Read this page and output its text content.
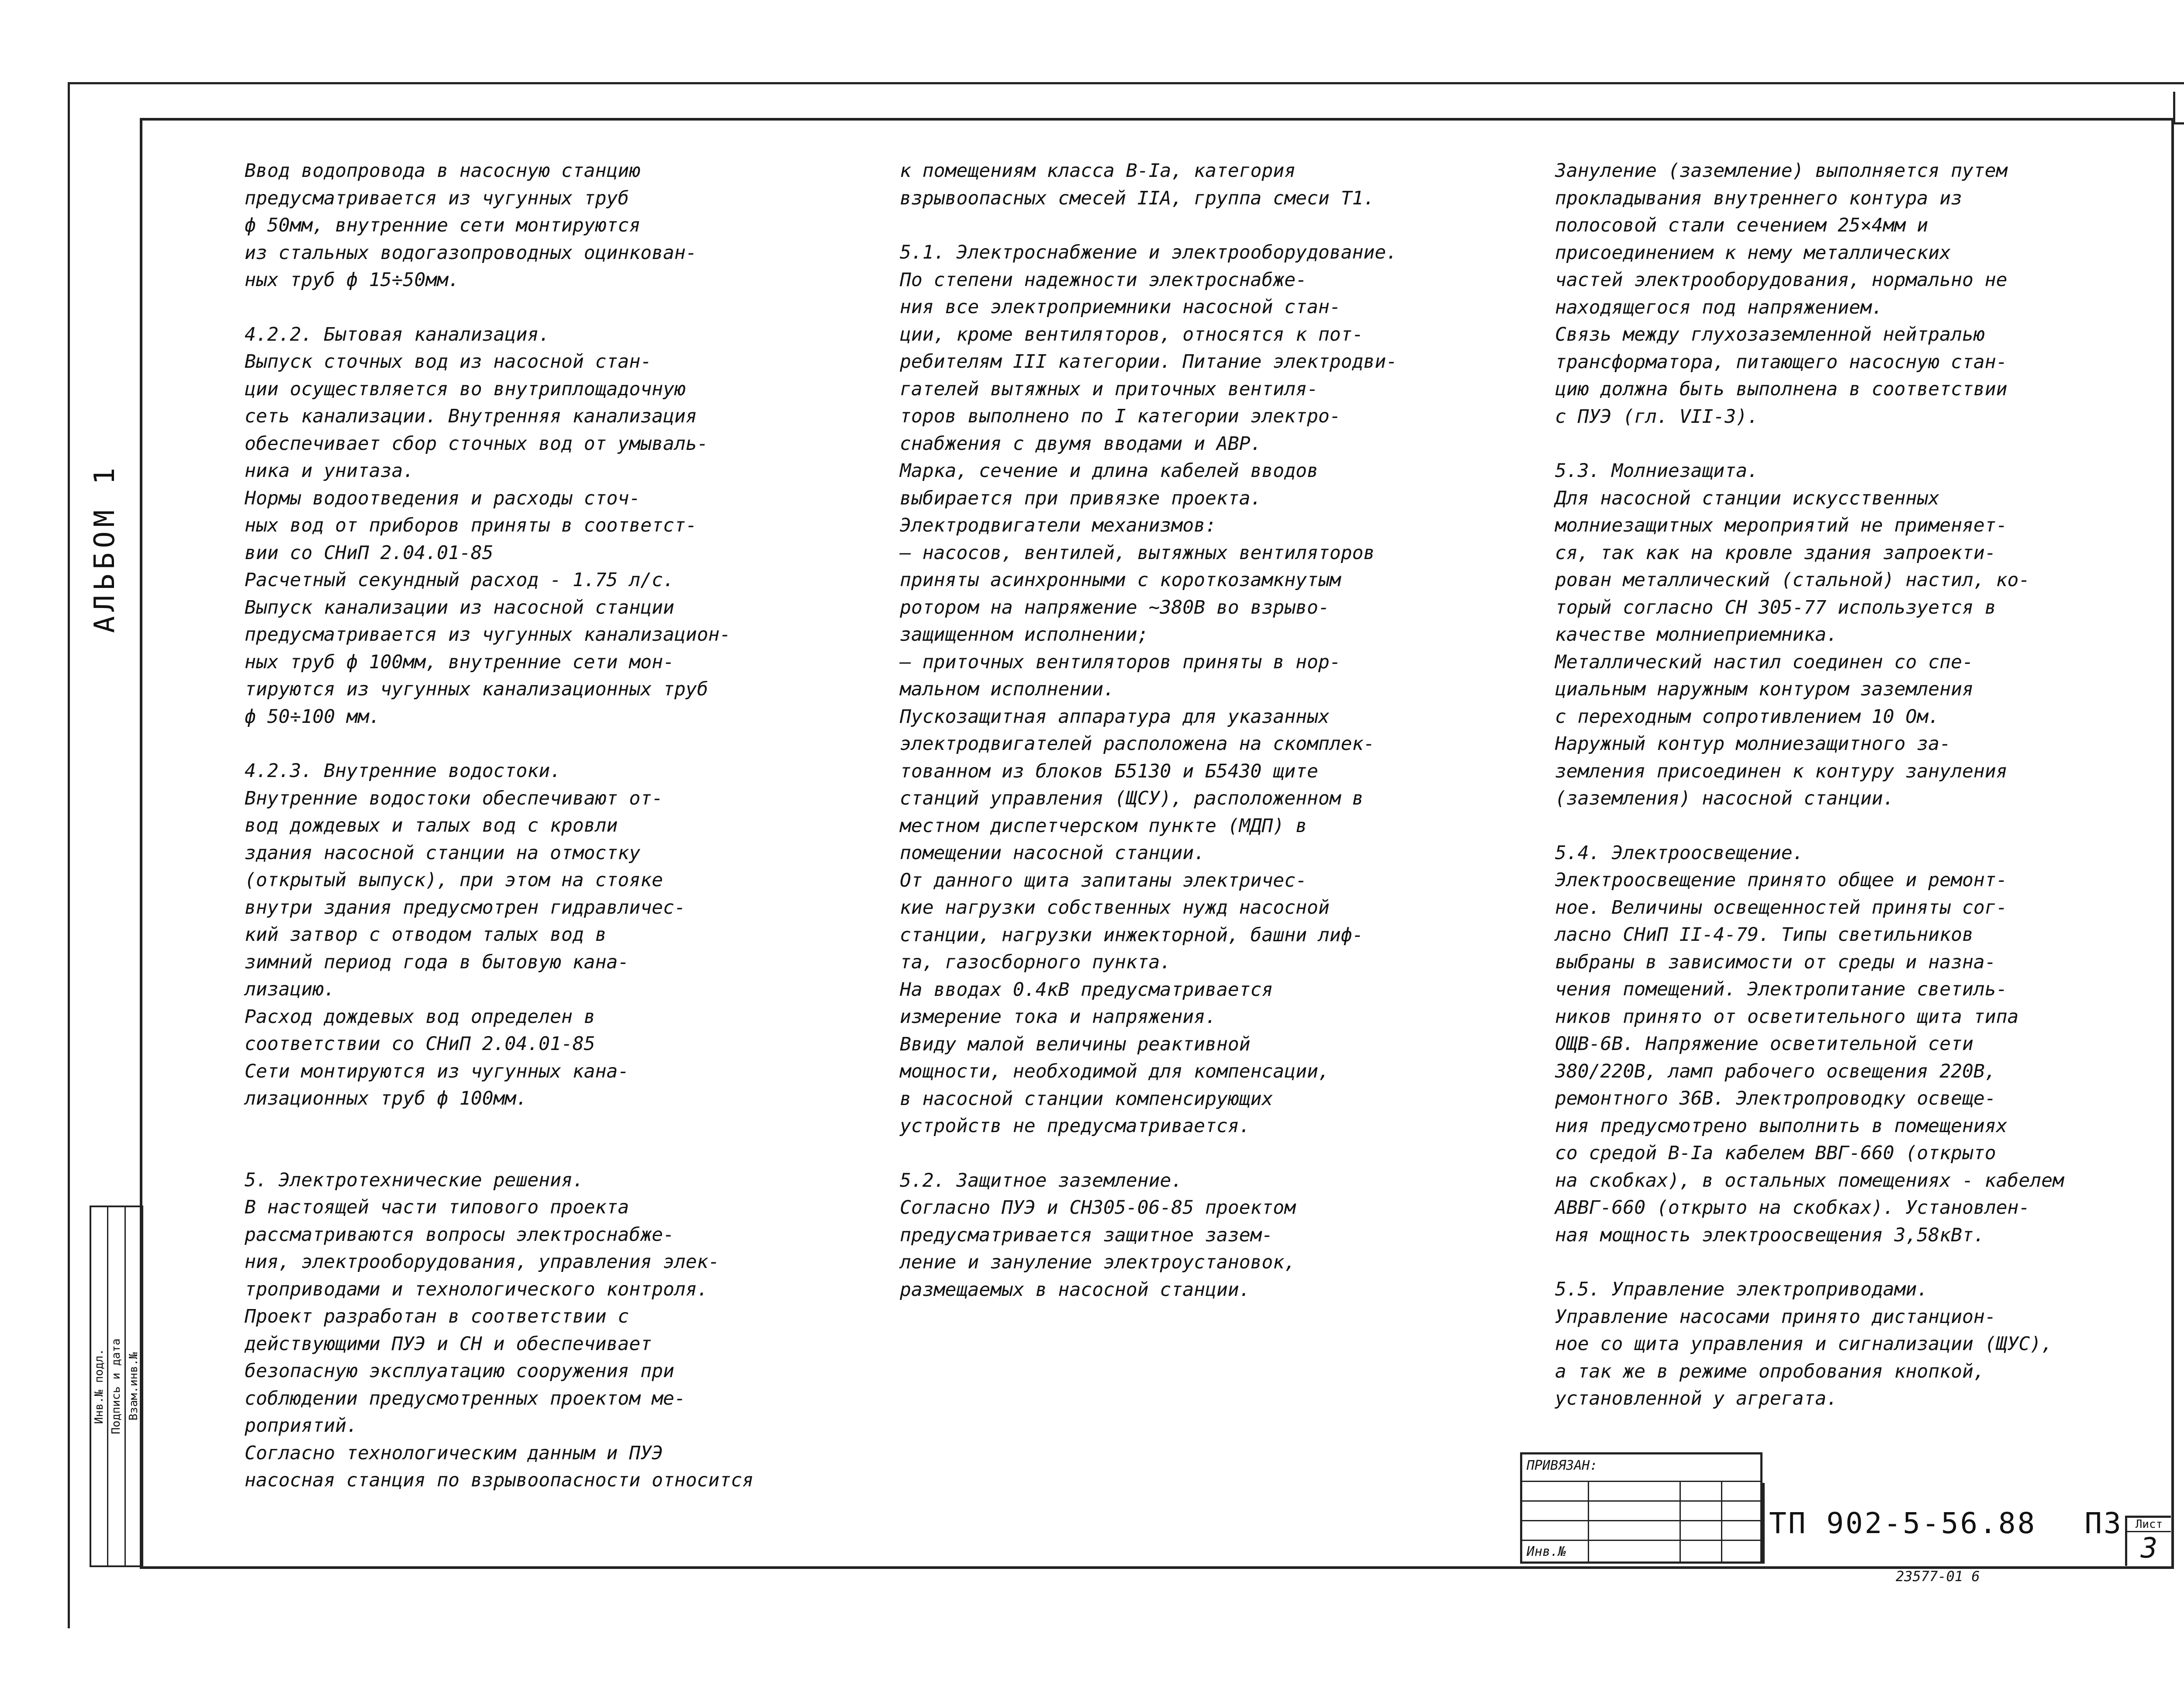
АЛЬБОМ 1
Инв.№ подл. Подпись и дата Взам.инв.№

Ввод водопровода в насосную станцию

предусматривается из чугунных труб

ф 50мм, внутренние сети монтируются

из стальных водогазопроводных оцинкован-

ных труб ф 15÷50мм.

4.2.2. Бытовая канализация.

Выпуск сточных вод из насосной стан-

ции осуществляется во внутриплощадочную

сеть канализации. Внутренняя канализация

обеспечивает сбор сточных вод от умываль-

ника и унитаза.

Нормы водоотведения и расходы сточ-

ных вод от приборов приняты в соответст-

вии со СНиП 2.04.01-85

Расчетный секундный расход - 1.75 л/с.

Выпуск канализации из насосной станции

предусматривается из чугунных канализацион-

ных труб ф 100мм, внутренние сети мон-

тируются из чугунных канализационных труб

ф 50÷100 мм.

4.2.3. Внутренние водостоки.

Внутренние водостоки обеспечивают от-

вод дождевых и талых вод с кровли

здания насосной станции на отмостку

(открытый выпуск), при этом на стояке

внутри здания предусмотрен гидравличес-

кий затвор с отводом талых вод в

зимний период года в бытовую кана-

лизацию.

Расход дождевых вод определен в

соответствии со СНиП 2.04.01-85

Сети монтируются из чугунных кана-

лизационных труб ф 100мм.

5. Электротехнические решения.

В настоящей части типового проекта

рассматриваются вопросы электроснабже-

ния, электрооборудования, управления элек-

троприводами и технологического контроля.

Проект разработан в соответствии с

действующими ПУЭ и СН и обеспечивает

безопасную эксплуатацию сооружения при

соблюдении предусмотренных проектом ме-

роприятий.

Согласно технологическим данным и ПУЭ

насосная станция по взрывоопасности относится

к помещениям класса В-Iа, категория

взрывоопасных смесей IIА, группа смеси Т1.

5.1. Электроснабжение и электрооборудование.

По степени надежности электроснабже-

ния все электроприемники насосной стан-

ции, кроме вентиляторов, относятся к пот-

ребителям III категории. Питание электродви-

гателей вытяжных и приточных вентиля-

торов выполнено по I категории электро-

снабжения с двумя вводами и АВР.

Марка, сечение и длина кабелей вводов

выбирается при привязке проекта.

Электродвигатели механизмов:

— насосов, вентилей, вытяжных вентиляторов

приняты асинхронными с короткозамкнутым

ротором на напряжение ~380В во взрыво-

защищенном исполнении;

— приточных вентиляторов приняты в нор-

мальном исполнении.

Пускозащитная аппаратура для указанных

электродвигателей расположена на скомплек-

тованном из блоков Б5130 и Б5430 щите

станций управления (ЩСУ), расположенном в

местном диспетчерском пункте (МДП) в

помещении насосной станции.

От данного щита запитаны электричес-

кие нагрузки собственных нужд насосной

станции, нагрузки инжекторной, башни лиф-

та, газосборного пункта.

На вводах 0.4кВ предусматривается

измерение тока и напряжения.

Ввиду малой величины реактивной

мощности, необходимой для компенсации,

в насосной станции компенсирующих

устройств не предусматривается.

5.2. Защитное заземление.

Согласно ПУЭ и СН305-06-85 проектом

предусматривается защитное зазем-

ление и зануление электроустановок,

размещаемых в насосной станции.

Зануление (заземление) выполняется путем

прокладывания внутреннего контура из

полосовой стали сечением 25×4мм и

присоединением к нему металлических

частей электрооборудования, нормально не

находящегося под напряжением.

Связь между глухозаземленной нейтралью

трансформатора, питающего насосную стан-

цию должна быть выполнена в соответствии

с ПУЭ (гл. VII-3).

5.3. Молниезащита.

Для насосной станции искусственных

молниезащитных мероприятий не применяет-

ся, так как на кровле здания запроекти-

рован металлический (стальной) настил, ко-

торый согласно СН 305-77 используется в

качестве молниеприемника.

Металлический настил соединен со спе-

циальным наружным контуром заземления

с переходным сопротивлением 10 Ом.

Наружный контур молниезащитного за-

земления присоединен к контуру зануления

(заземления) насосной станции.

5.4. Электроосвещение.

Электроосвещение принято общее и ремонт-

ное. Величины освещенностей приняты сог-

ласно СНиП II-4-79. Типы светильников

выбраны в зависимости от среды и назна-

чения помещений. Электропитание светиль-

ников принято от осветительного щита типа

ОЩВ-6В. Напряжение осветительной сети

380/220В, ламп рабочего освещения 220В,

ремонтного 36В. Электропроводку освеще-

ния предусмотрено выполнить в помещениях

со средой В-Iа кабелем ВВГ-660 (открыто

на скобках), в остальных помещениях - кабелем

АВВГ-660 (открыто на скобках). Установлен-

ная мощность электроосвещения 3,58кВт.

5.5. Управление электроприводами.

Управление насосами принято дистанцион-

ное со щита управления и сигнализации (ЩУС),

а так же в режиме опробования кнопкой,

установленной у агрегата.

ПРИВЯЗАН:
Инв.№
ТП 902-5-56.88 ПЗ	Лист
3
23577-01 6
